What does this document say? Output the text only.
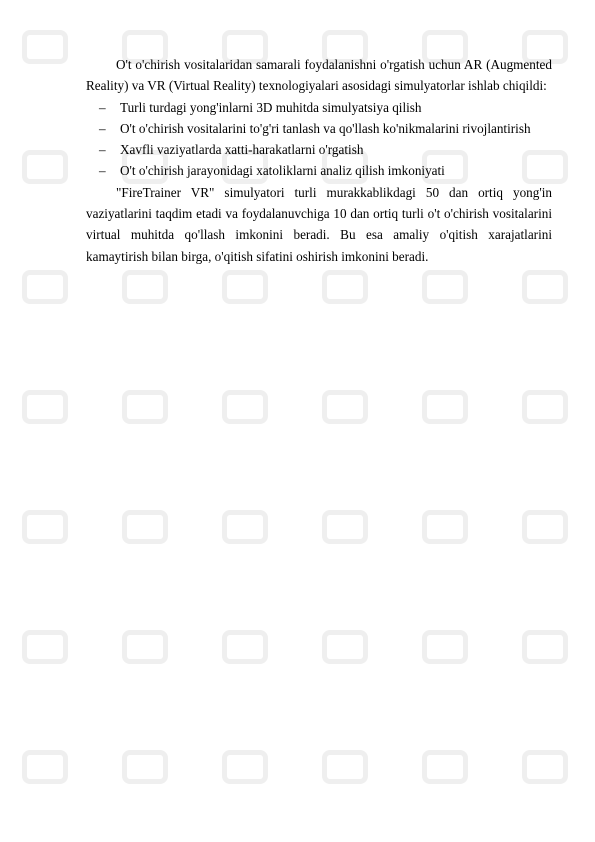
O't o'chirish vositalaridan samarali foydalanishni o'rgatish uchun AR (Augmented Reality) va VR (Virtual Reality) texnologiyalari asosidagi simulyatorlar ishlab chiqildi:

– Turli turdagi yong'inlarni 3D muhitda simulyatsiya qilish
– O't o'chirish vositalarini to'g'ri tanlash va qo'llash ko'nikmalarini rivojlantirish
– Xavfli vaziyatlarda xatti-harakatlarni o'rgatish
– O't o'chirish jarayonidagi xatoliklarni analiz qilish imkoniyati

"FireTrainer VR" simulyatori turli murakkablikdagi 50 dan ortiq yong'in vaziyatlarini taqdim etadi va foydalanuvchiga 10 dan ortiq turli o't o'chirish vositalarini virtual muhitda qo'llash imkonini beradi. Bu esa amaliy o'qitish xarajatlarini kamaytirish bilan birga, o'qitish sifatini oshirish imkonini beradi.
